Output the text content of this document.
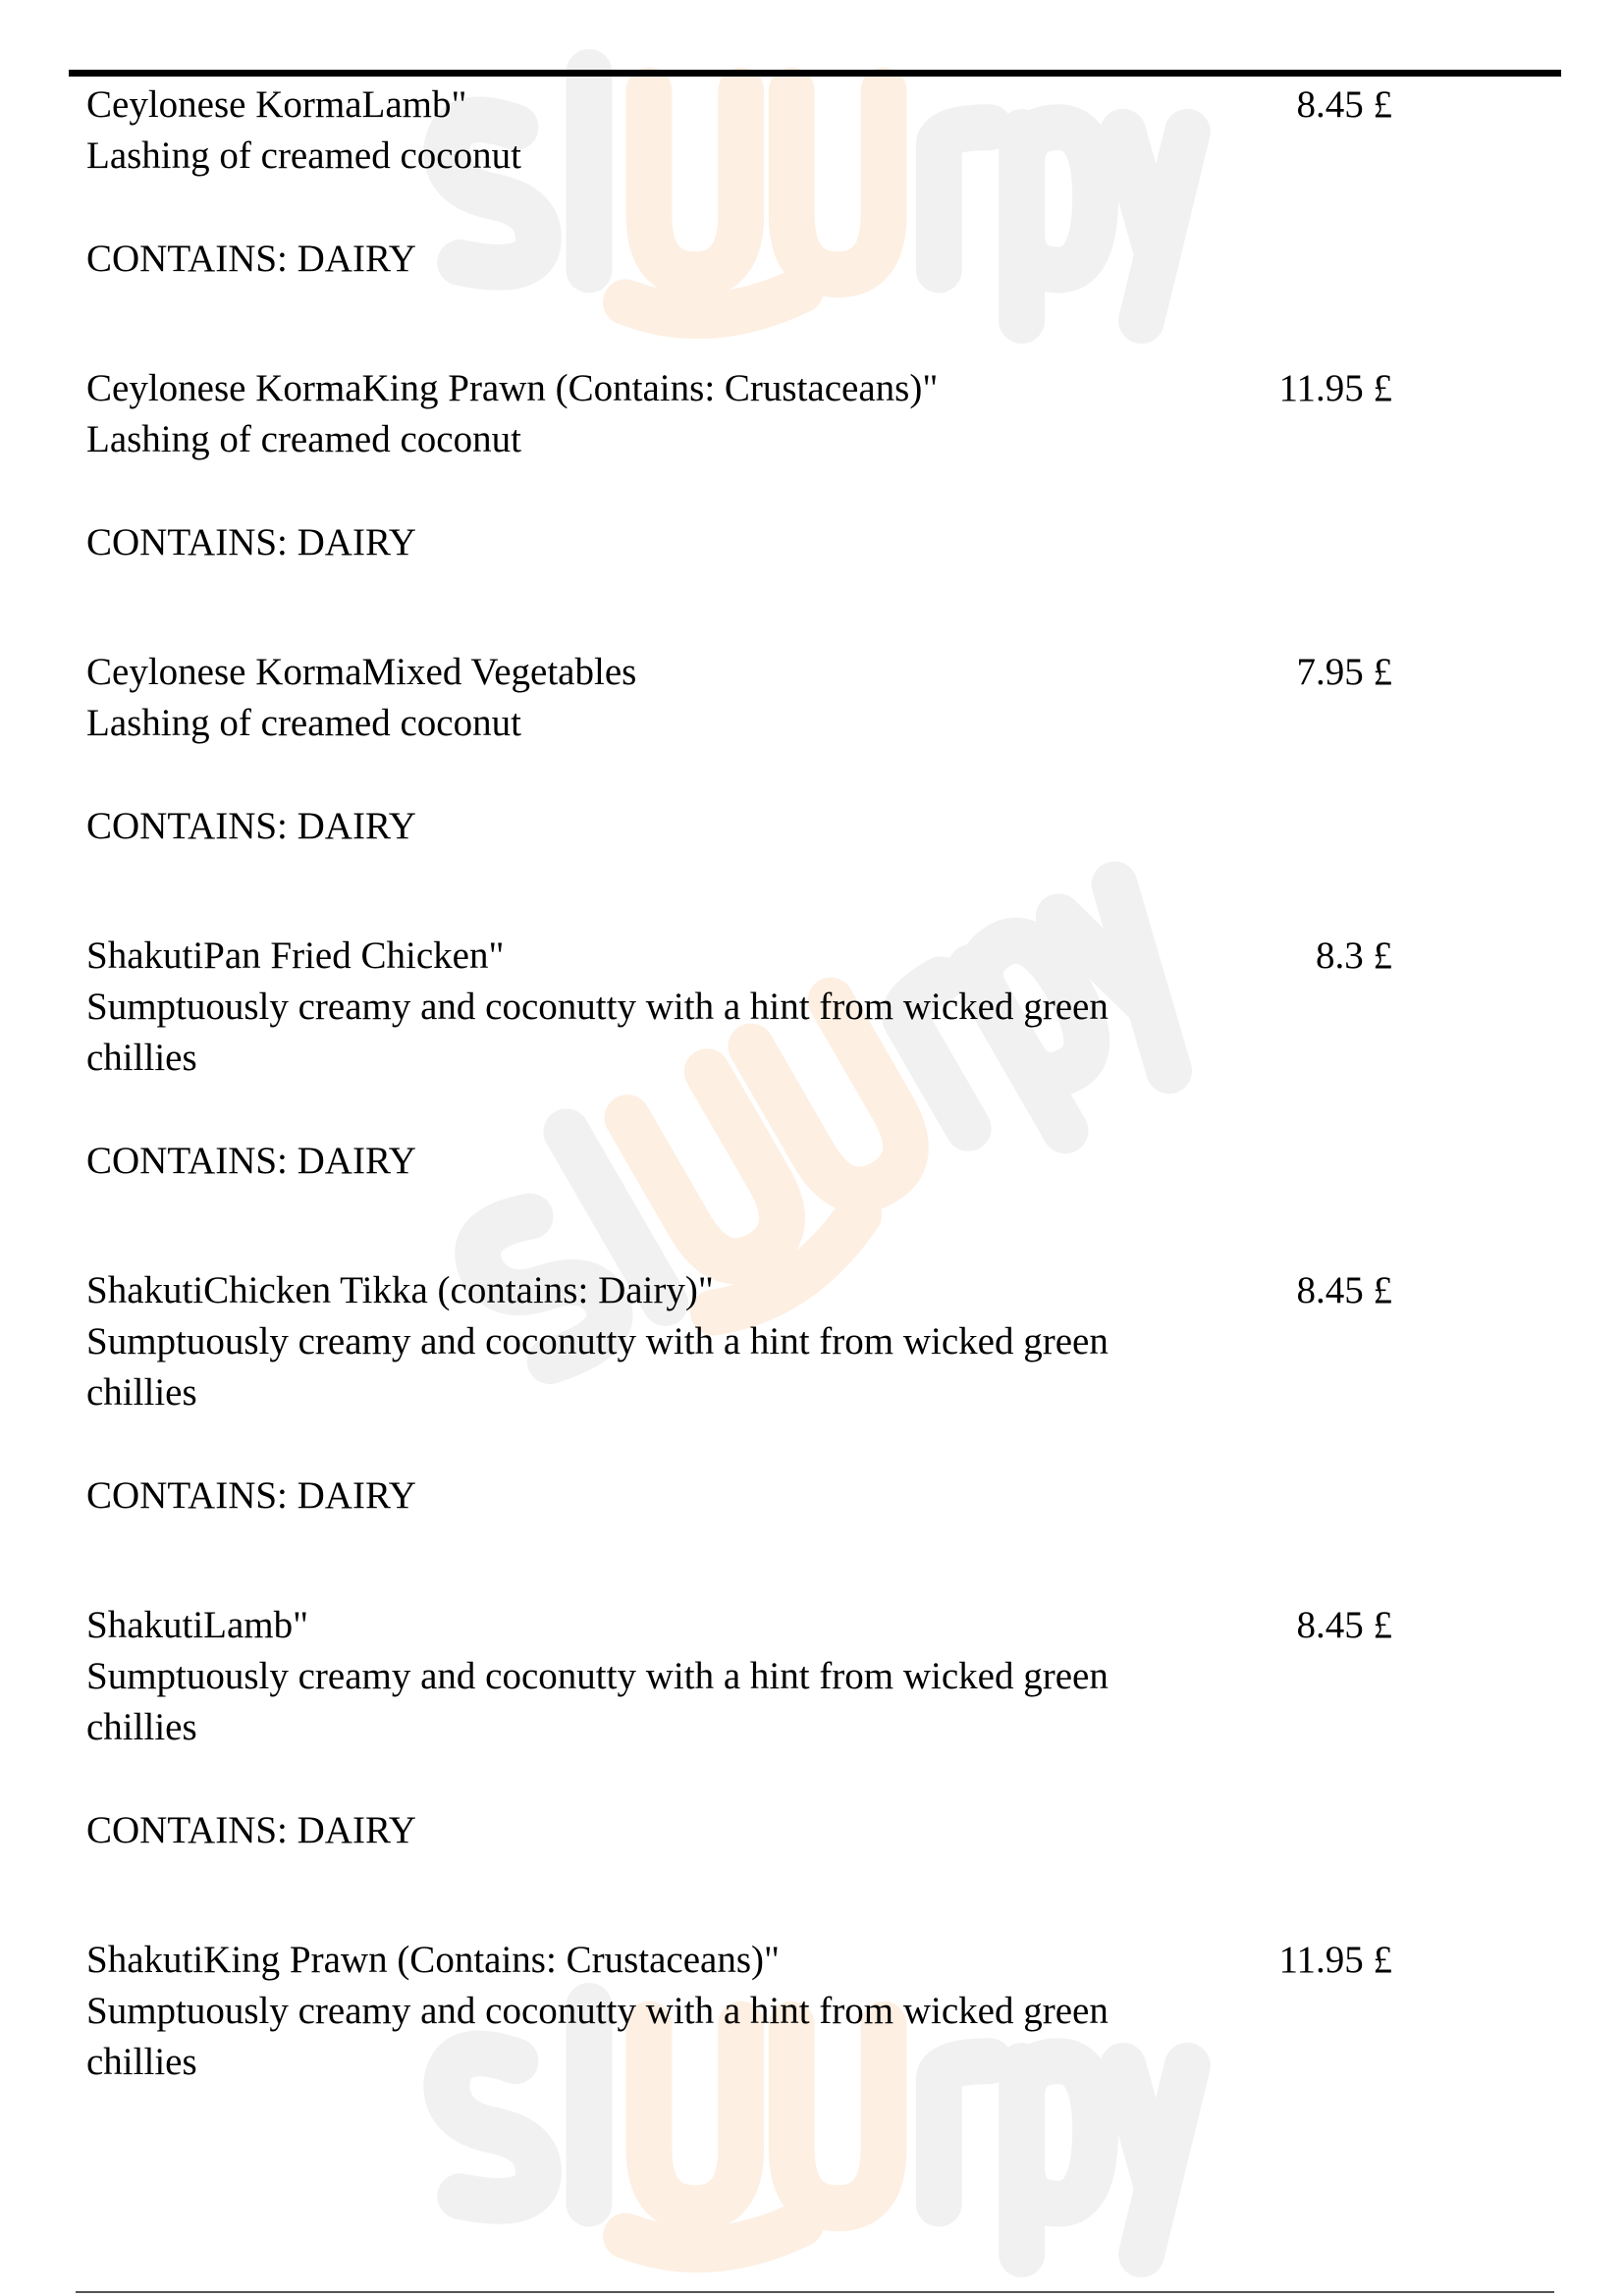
Ceylonese KormaLamb"
Lashing of creamed coconut
CONTAINS: DAIRY
8.45 £
Ceylonese KormaKing Prawn (Contains: Crustaceans)"
Lashing of creamed coconut
CONTAINS: DAIRY
11.95 £
Ceylonese KormaMixed Vegetables
Lashing of creamed coconut
CONTAINS: DAIRY
7.95 £
ShakutiPan Fried Chicken"
Sumptuously creamy and coconutty with a hint from wicked green chillies
CONTAINS: DAIRY
8.3 £
ShakutiChicken Tikka (contains: Dairy)"
Sumptuously creamy and coconutty with a hint from wicked green chillies
CONTAINS: DAIRY
8.45 £
ShakutiLamb"
Sumptuously creamy and coconutty with a hint from wicked green chillies
CONTAINS: DAIRY
8.45 £
ShakutiKing Prawn (Contains: Crustaceans)"
Sumptuously creamy and coconutty with a hint from wicked green chillies
11.95 £
